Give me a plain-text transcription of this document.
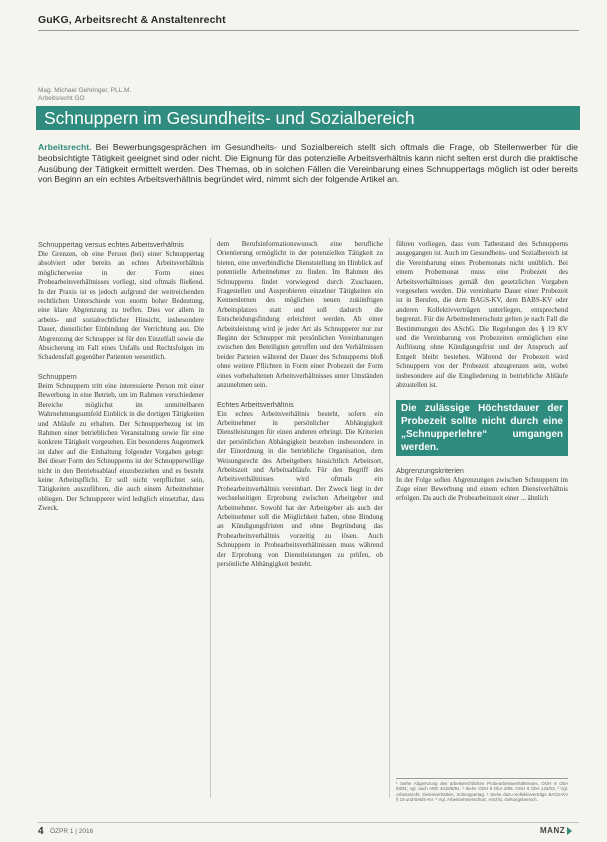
GuKG, Arbeitsrecht & Anstaltenrecht
Mag. Michael Gehringer, PLL.M.
Arbeitsrecht GO
Schnuppern im Gesundheits- und Sozialbereich
Arbeitsrecht. Bei Bewerbungsgesprächen im Gesundheits- und Sozialbereich stellt sich oftmals die Frage, ob Stellenwerber für die beobsichtigte Tätigkeit geeignet sind oder nicht. Die Eignung für das potenzielle Arbeitsverhältnis kann nicht selten erst durch die praktische Ausübung der Tätigkeit ermittelt werden. Des Themas, ob in solchen Fällen die Vereinbarung eines Schnuppertags möglich ist oder bereits von Beginn an ein echtes Arbeitsverhältnis begründet wird, nimmt sich der folgende Artikel an.
Schnuppertag versus echtes Arbeitsverhältnis
Die Grenzen, ob eine Person (bei) einer Schnuppertag absolviert oder bereits an echtes Arbeitsverhältnis möglicherweise in der Form eines Probearbeitsverhältnisses vorliegt, sind oftmals fließend. In der Praxis ist es jedoch aufgrund der weitreichenden rechtlichen Unterschiede von enorm hoher Bedeutung, eine klare Abgrenzung zu treffen. Dies vor allem in arbeits- und sozialrechtlicher Hinsicht, insbesondere Dauer, dienstlicher Einbindung der Verrichtung aus. Die Abgrenzung der Schnupper ist für den Einzelfall sowie die Absicherung im Fall eines Unfalls und Rechtsfolgen im Schadensfall gegenüber Patienten wesentlich.
Schnuppern
Beim Schnuppern tritt eine interessierte Person mit einer Bewerbung in eine Betrieb, um im Rahmen verschiedener Bereiche möglichst im unmittelbaren Wahrnehmungsumfeld Einblick in die dortigen Tätigkeiten und Abläufe zu erhalten. Der Schnupperbezug ist im Rahmen einer betrieblichen Veranstaltung sowie für eine konkrete Tätigkeit vorgesehen. Ein besonderes Augenmerk ist daher auf die Einhaltung folgender Vorgaben gelegt: Bei dieser Form des Schnupperns ist der Schnupperwillige nicht in den Betriebsablauf einzubeziehen und es besteht keine Arbeitspflicht. Er soll nicht verpflichtet sein, Tätigkeiten auszuführen, die auch einem Arbeitnehmer obliegen. Der Schnupperer wird lediglich einsetzbar, dass Zweck.
dem Berufsinformationswunsch eine berufliche Orientierung ermöglicht in der potenziellen Tätigkeit zu bieten, eine unverbindliche Dienststellung im Hinblick auf potentielle Arbeitnehmer zu finden. Im Rahmen des Schnupperns findet vorwiegend durch Zuschauen, Fragestellen und Ausprobieren einzelner Tätigkeiten ein Kennenlernen des möglichen neuen zukünftigen Arbeitsplatzes statt und soll dadurch die Entscheidungsfindung erleichtert werden. Ab einer Arbeitsleistung wird je jeder Art als Schnupperer nur zur Beginn der Schnupper mit persönlichen Vereinbarungen zwischen den Beteiligten getroffen und den Verhältnissen beider Parteien während der Dauer des Schnupperns bloß ohne weitere Pflichten in Form einer Probezeit der Form eines vorbehaltenen Arbeitsverhältnisses unter Umständen anzunehmen sein.
Echtes Arbeitsverhältnis
Ein echtes Arbeitsverhältnis besteht, sofern ein Arbeitnehmer in persönlicher Abhängigkeit Dienstleistungen für einen anderen erbringt. Die Kriterien der persönlichen Abhängigkeit bestehen insbesondere in der Einordnung in die betriebliche Organisation, dem Weisungsrecht des Arbeitgebers hinsichtlich Arbeitsort, Arbeitszeit und Arbeitsabläufe. Für den Begriff des Arbeitsverhältnisses wird oftmals ein Probearbeitsverhältnis vereinbart. Der Zweck liegt in der wechselseitigen Erprobung zwischen Arbeitgeber und Arbeitnehmer. Sowohl hat der Arbeitgeber als auch der Arbeitnehmer soll die Möglichkeit haben, ohne Bindung an Kündigungsfristen und ohne Begründung das Probearbeitsverhältnis vorzeitig zu lösen. Auch Schnuppern in Probearbeitsverhältnissen muss während der Erprobung von Dienstleistungen zu prüfen, ob persönliche Abhängigkeit besteht.
führen vorliegen, dass vom Tatbestand des Schnupperns ausgegangen ist. Auch im Gesundheits- und Sozialbereich ist die Vereinbarung eines Probemonats nicht unüblich. Bei einem Probemonat muss eine Probezeit des Arbeitsverhältnisses gemäß den gesetzlichen Vorgaben vorgesehen werden. Die vereinbarte Dauer einer Probezeit ist in Berufen, die dem BAGS-KV, dem BABS-KV oder anderen Kollektivverträgen unterliegen, entsprechend begrenzt. Für die Arbeitnehmerschutz gelten je nach Fall die Bestimmungen des ASchG. Die Regelungen des § 19 KV und die Vereinbarung von Probezeiten ermöglichen eine Auflösung ohne Kündigungsfrist und der Anspruch auf Entgelt bleibt bestehen. Während der Probezeit wird Schnuppern von der Probezeit abzugrenzen sein, wobei insbesondere auf die Eingliederung in betriebliche Abläufe abzustellen ist.
Die zulässige Höchstdauer der Probezeit sollte nicht durch eine „Schnupperlehre“ umgangen werden.
Abgrenzungskriterien
In der Folge sollen Abgrenzungen zwischen Schnuppern im Zuge einer Bewerbung und einem echten Dienstverhältnis erfolgen. Da auch die Probearbeitszeit einer ... ähnlich
¹ Siehe Abgrenzung des arbeitsrechtlichen Probearbeitsverhältnisses, OGH 9 ObA 93/91; vgl. auch ARD 4318/8/91. ² Siehe OGH 8 ObA 2/95, OGH 9 ObA 123/03. ³ Vgl. Arbeitsrecht, Dienstverhältnis, Schnuppertag. ⁴ Siehe dazu Kollektivverträge BAGS-KV § 19 und BABS-KV. ⁵ Vgl. Arbeitnehmerschutz, ASchG, Geltungsbereich.
4 ÖZPR 1 | 2016	MANZ
